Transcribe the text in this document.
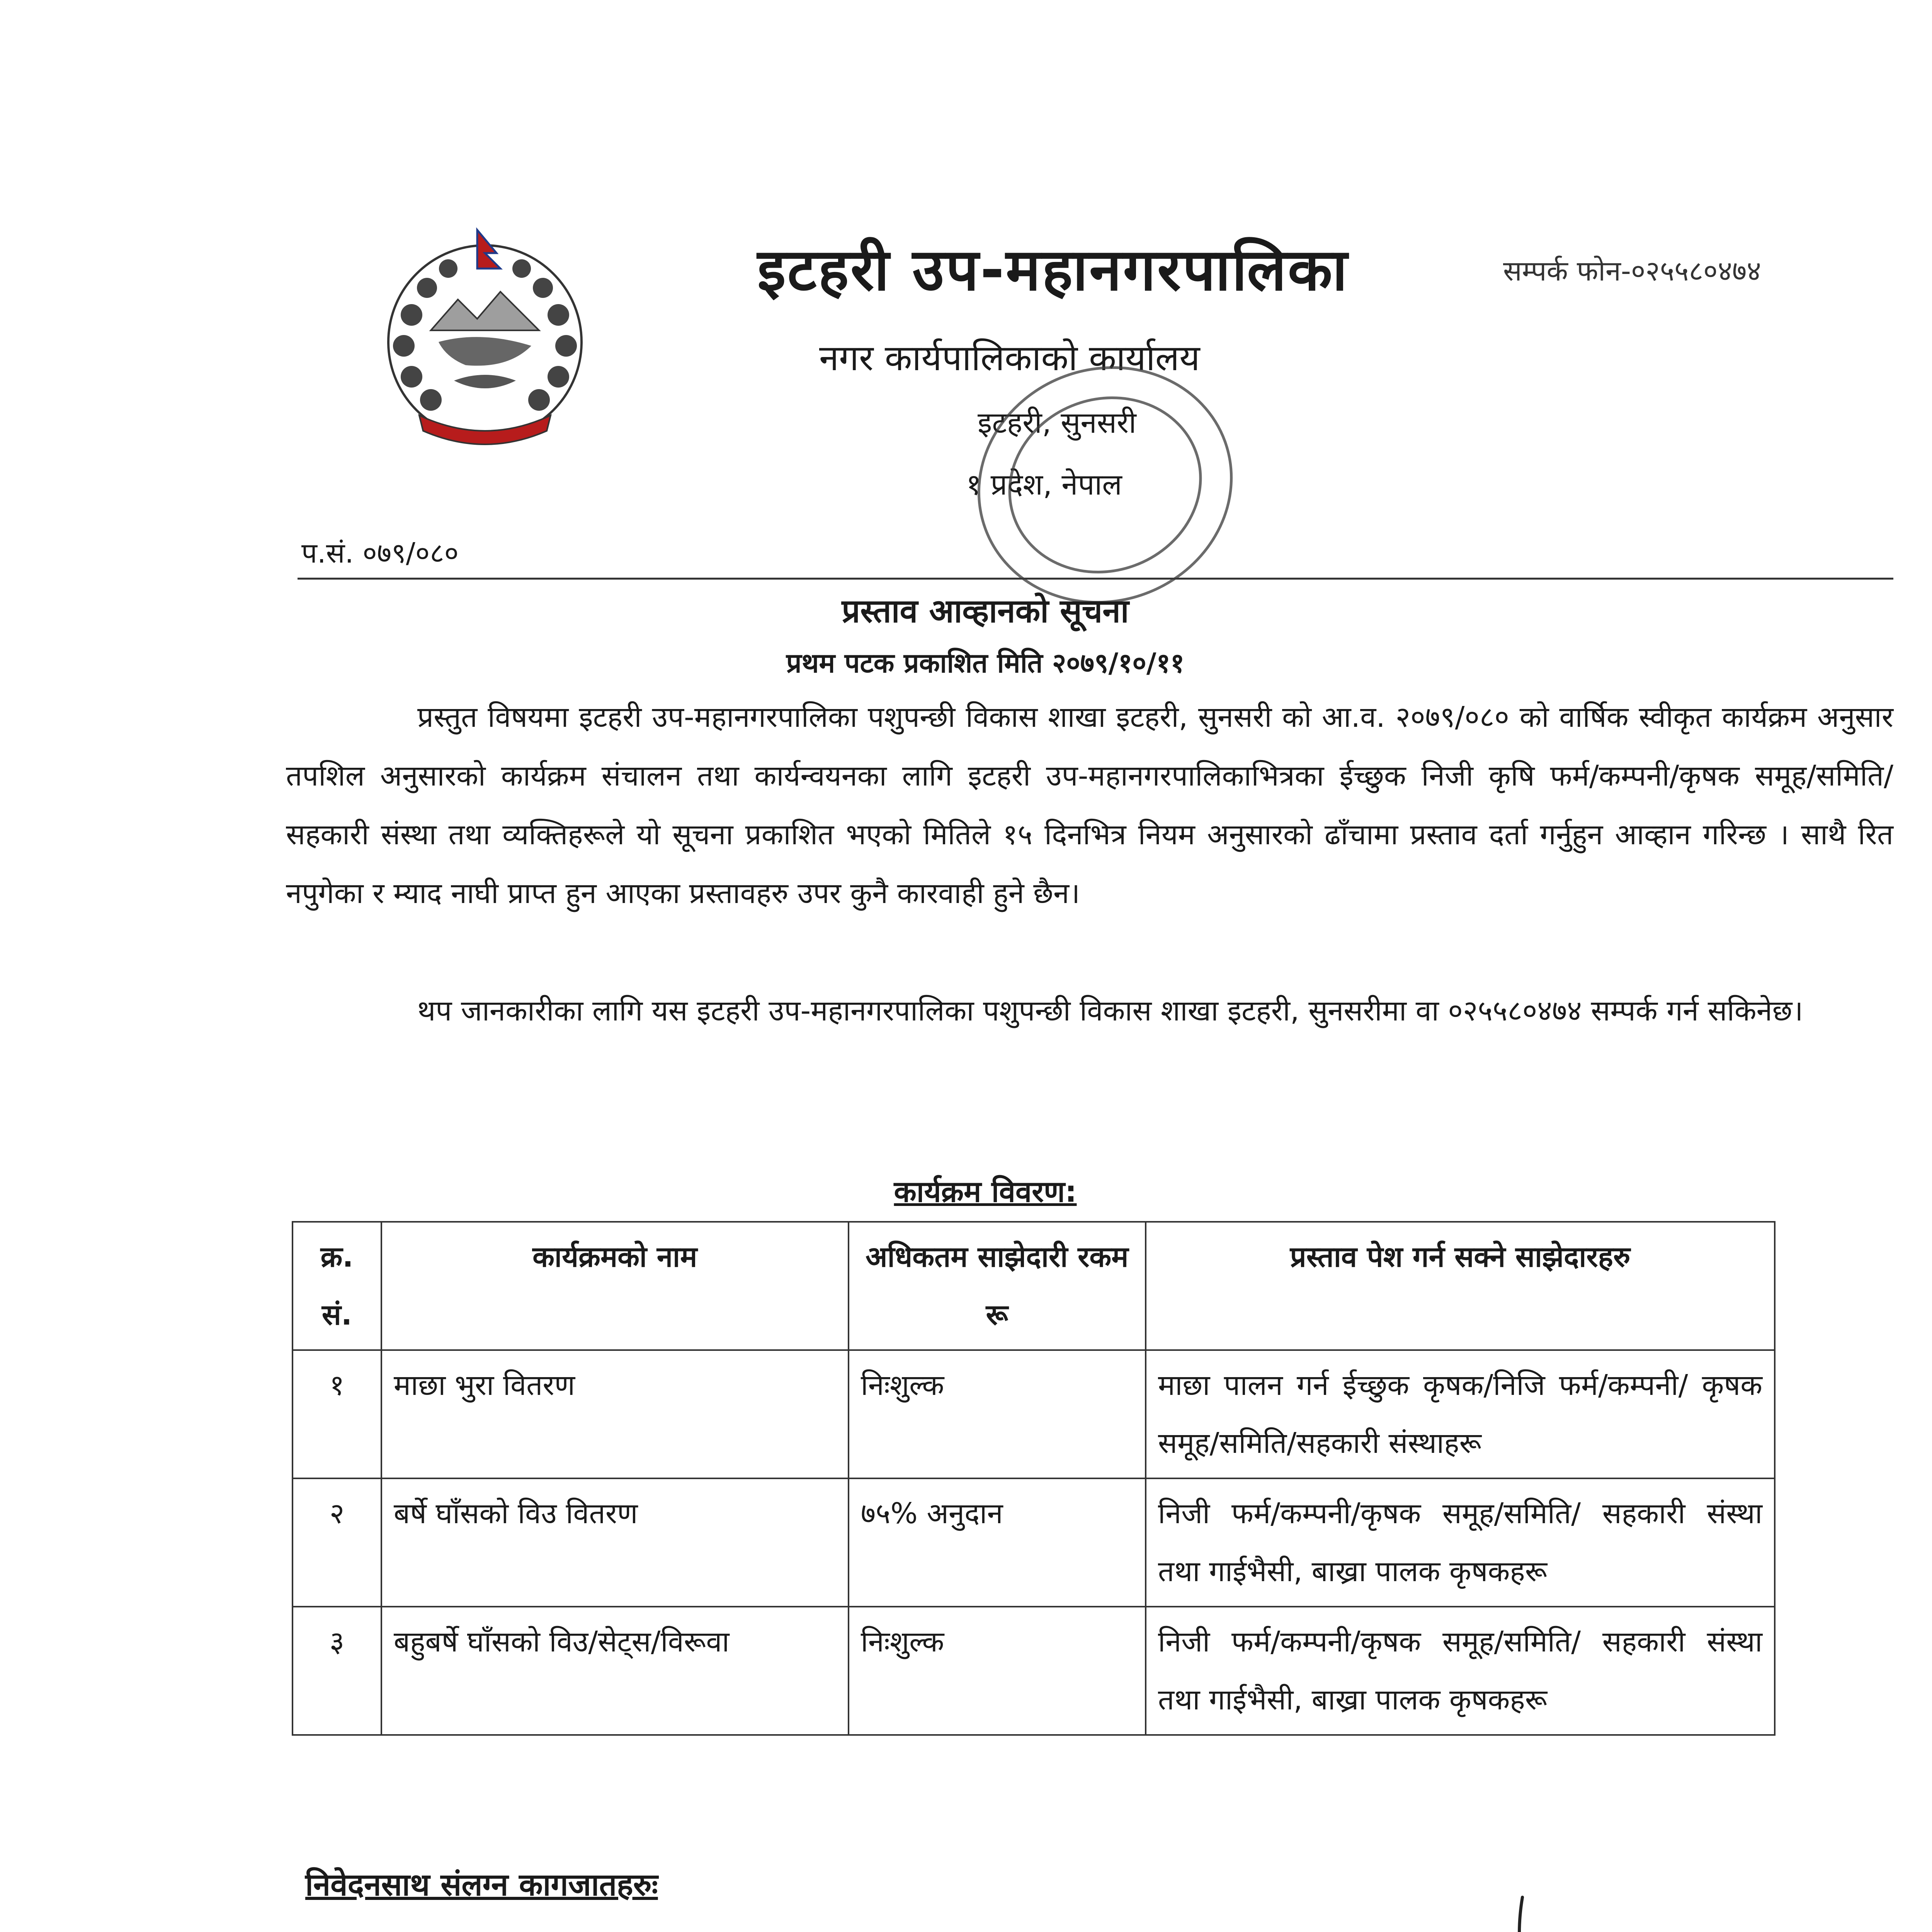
इटहरी उप-महानगरपालिका	सम्पर्क फोन-०२५५८०४७४
नगर कार्यपालिकाको कार्यालय
इटहरी, सुनसरी
१ प्रदेश, नेपाल
प.सं. ०७९/०८०
प्रस्ताव आव्हानको सूचना
प्रथम पटक प्रकाशित मिति २०७९/१०/११
प्रस्तुत विषयमा इटहरी उप-महानगरपालिका पशुपन्छी विकास शाखा इटहरी, सुनसरी को आ.व. २०७९/०८० को वार्षिक स्वीकृत कार्यक्रम अनुसार तपशिल अनुसारको कार्यक्रम संचालन तथा कार्यन्वयनका लागि इटहरी उप-महानगरपालिकाभित्रका ईच्छुक निजी कृषि फर्म/कम्पनी/कृषक समूह/समिति/सहकारी संस्था तथा व्यक्तिहरूले यो सूचना प्रकाशित भएको मितिले १५ दिनभित्र नियम अनुसारको ढाँचामा प्रस्ताव दर्ता गर्नुहुन आव्हान गरिन्छ । साथै रित नपुगेका र म्याद नाघी प्राप्त हुन आएका प्रस्तावहरु उपर कुनै कारवाही हुने छैन।
थप जानकारीका लागि यस इटहरी उप-महानगरपालिका पशुपन्छी विकास शाखा इटहरी, सुनसरीमा वा ०२५५८०४७४ सम्पर्क गर्न सकिनेछ।
कार्यक्रम विवरण:
क्र. सं.	कार्यक्रमको नाम	अधिकतम साझेदारी रकम रू	प्रस्ताव पेश गर्न सक्ने साझेदारहरु
१	माछा भुरा वितरण	निःशुल्क	माछा पालन गर्न ईच्छुक कृषक/निजि फर्म/कम्पनी/ कृषक समूह/समिति/सहकारी संस्थाहरू
२	बर्षे घाँसको विउ वितरण	७५% अनुदान	निजी फर्म/कम्पनी/कृषक समूह/समिति/ सहकारी संस्था तथा गाईभैसी, बाख्रा पालक कृषकहरू
३	बहुबर्षे घाँसको विउ/सेट्स/विरूवा	निःशुल्क	निजी फर्म/कम्पनी/कृषक समूह/समिति/ सहकारी संस्था तथा गाईभैसी, बाख्रा पालक कृषकहरू
निवेदनसाथ संलग्न कागजातहरुः
